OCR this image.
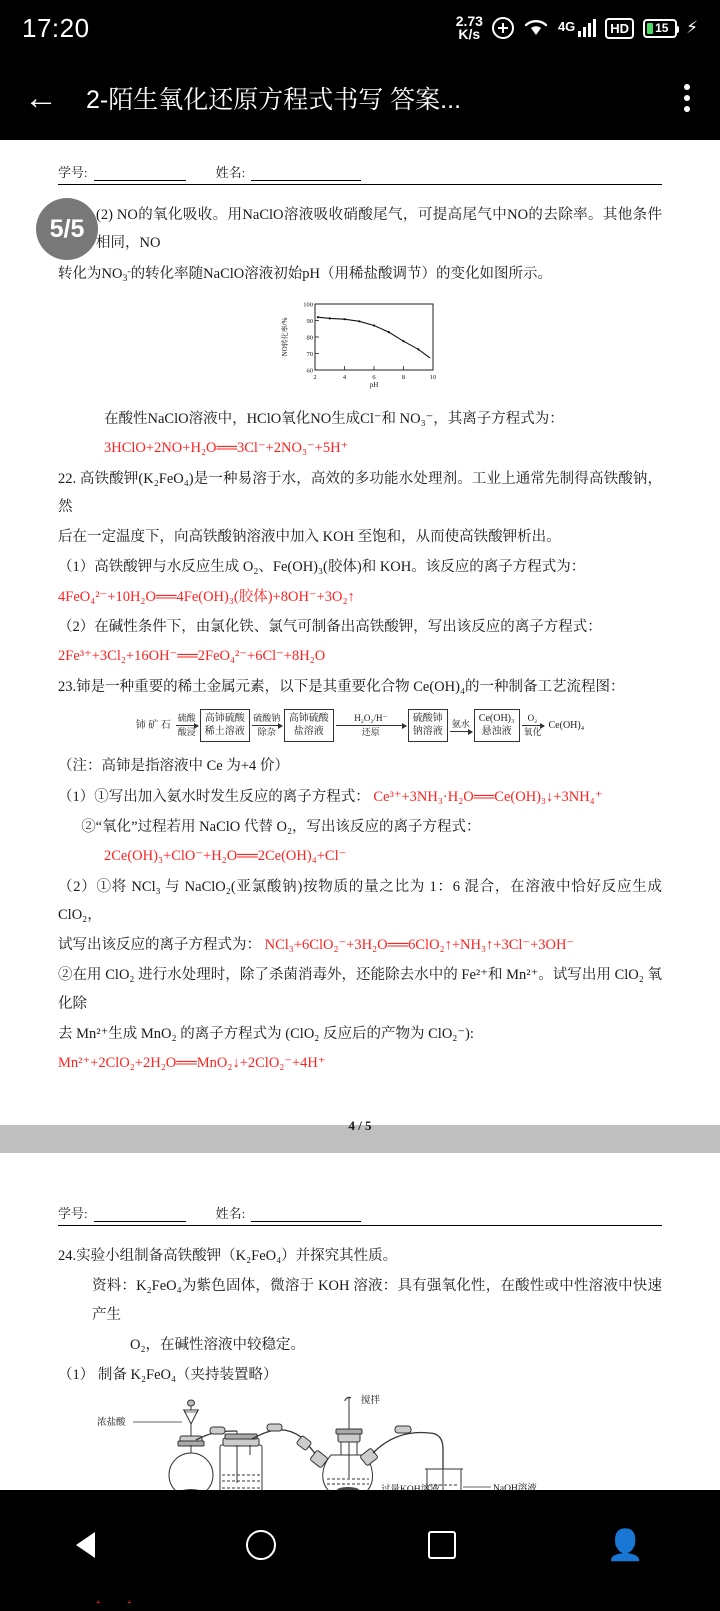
17:20	2.73
K/s	4G	HD	15 ⚡
←	2-陌生氧化还原方程式书写 答案...
5/5
学号:	姓名:

(2) NO的氧化吸收。用NaClO溶液吸收硝酸尾气，可提高尾气中NO的去除率。其他条件相同，NO

转化为$NO_3^-$的转化率随NaClO溶液初始pH（用稀盐酸调节）的变化如图所示。

100
90
80
70
60
2	4	6	8	10
NO转化率/%
pH

在酸性NaClO溶液中，HClO氧化NO生成Cl⁻和 NO₃⁻，其离子方程式为：

3HClO+2NO+H₂O══3Cl⁻+2NO₃⁻+5H⁺

22. 高铁酸钾(K₂FeO₄)是一种易溶于水，高效的多功能水处理剂。工业上通常先制得高铁酸钠，然

后在一定温度下，向高铁酸钠溶液中加入 KOH 至饱和，从而使高铁酸钾析出。

（1）高铁酸钾与水反应生成 O₂、Fe(OH)₃(胶体)和 KOH。该反应的离子方程式为：

4FeO₄²⁻+10H₂O══4Fe(OH)₃(胶体)+8OH⁻+3O₂↑

（2）在碱性条件下，由氯化铁、氯气可制备出高铁酸钾，写出该反应的离子方程式：

2Fe³⁺+3Cl₂+16OH⁻══2FeO₄²⁻+6Cl⁻+8H₂O

23.铈是一种重要的稀土金属元素，以下是其重要化合物 Ce(OH)₄的一种制备工艺流程图：

铈 矿 石
硫酸
酸浸
高铈硫酸
稀土溶液
硫酸钠
除杂
高铈硫酸
盐溶液
H₂O₂/H⁻
还原
硫酸铈
钠溶液
氨水 Ce(OH)₃
悬浊液
O₂
氧化
Ce(OH)₄

（注：高铈是指溶液中 Ce 为+4 价）

（1）①写出加入氨水时发生反应的离子方程式： Ce³⁺+3NH₃·H₂O══Ce(OH)₃↓+3NH₄⁺

②“氧化”过程若用 NaClO 代替 O₂，写出该反应的离子方程式：

2Ce(OH)₃+ClO⁻+H₂O══2Ce(OH)₄+Cl⁻

（2）①将 NCl₃ 与 NaClO₂(亚氯酸钠)按物质的量之比为 1：6 混合，在溶液中恰好反应生成 ClO₂，

试写出该反应的离子方程式为： NCl₃+6ClO₂⁻+3H₂O══6ClO₂↑+NH₃↑+3Cl⁻+3OH⁻

②在用 ClO₂ 进行水处理时，除了杀菌消毒外，还能除去水中的 Fe²⁺和 Mn²⁺。试写出用 ClO₂ 氧化除

去 Mn²⁺生成 MnO₂ 的离子方程式为 (ClO₂ 反应后的产物为 ClO₂⁻):

Mn²⁺+2ClO₂+2H₂O══MnO₂↓+2ClO₂⁻+4H⁺

4 / 5
学号:	姓名:

24.实验小组制备高铁酸钾（K₂FeO₄）并探究其性质。

资料：K₂FeO₄为紫色固体，微溶于 KOH 溶液：具有强氧化性，在酸性或中性溶液中快速产生

O₂，在碱性溶液中较稳定。

（1） 制备 K₂FeO₄（夹持装置略）

浓盐酸
搅拌

👤
